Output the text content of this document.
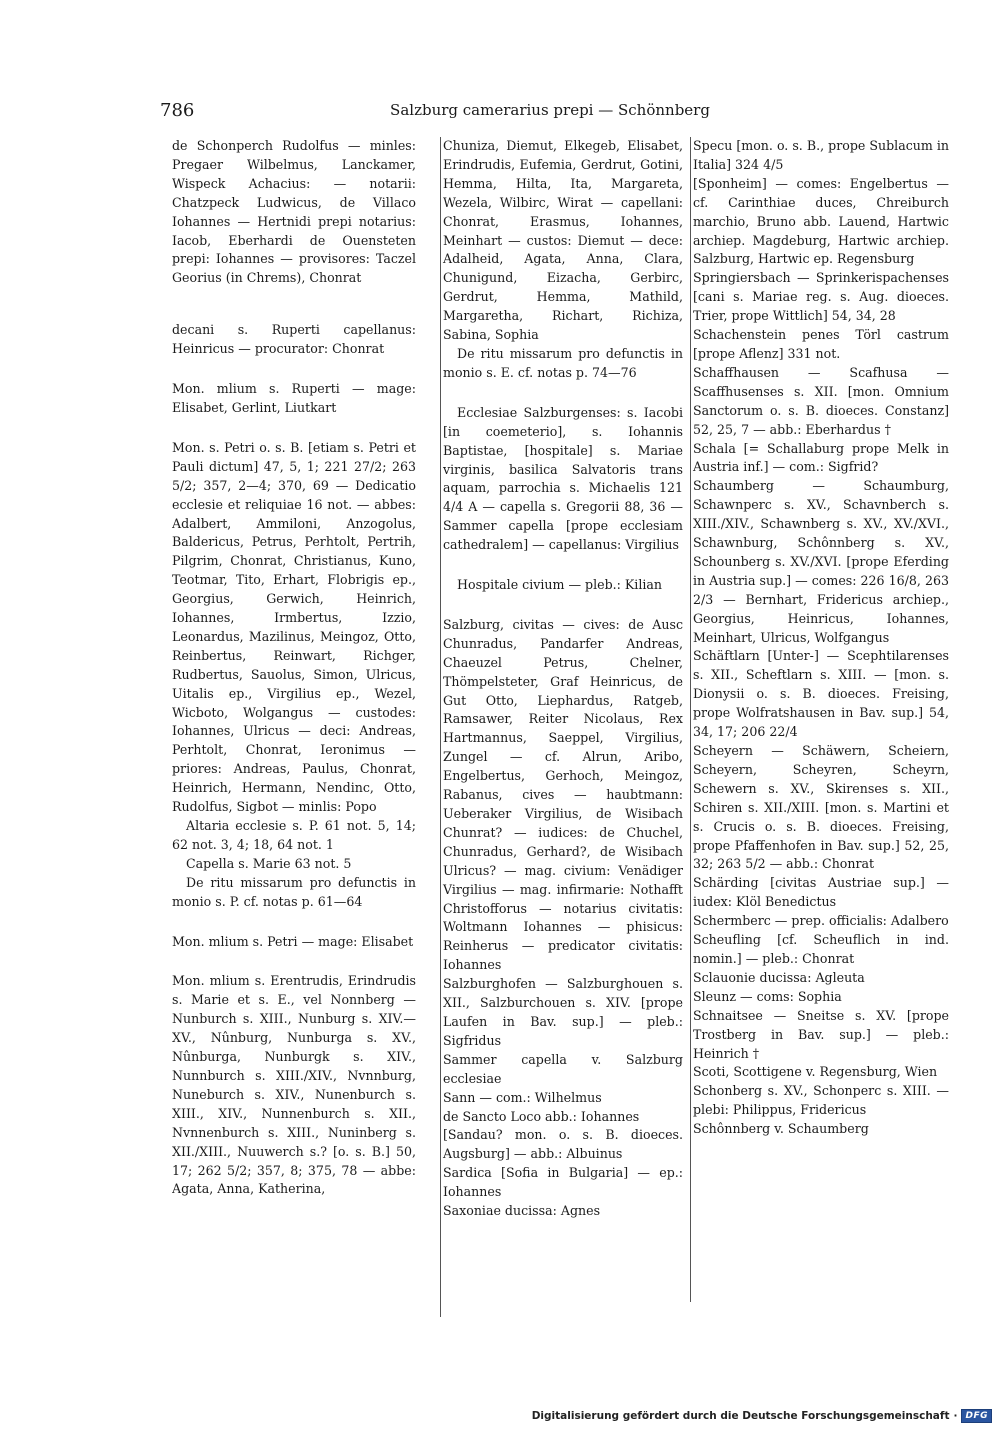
786	Salzburg camerarius prepi — Schönnberg

de Schonperch Rudolfus — minles: Pregaer Wilbelmus, Lanckamer, Wispeck Achacius: — notarii: Chatzpeck Ludwicus, de Villaco Iohannes — Hertnidi prepi notarius: Iacob, Eberhardi de Ouensteten prepi: Iohannes — provisores: Taczel Georius (in Chrems), Chonrat

decani s. Ruperti capellanus: Heinricus — procurator: Chonrat

Mon. mlium s. Ruperti — mage: Elisabet, Gerlint, Liutkart

Mon. s. Petri o. s. B. [etiam s. Petri et Pauli dictum] 47, 5, 1; 221 27/2; 263 5/2; 357, 2—4; 370, 69 — Dedicatio ecclesie et reliquiae 16 not. — abbes: Adalbert, Ammiloni, Anzogolus, Baldericus, Petrus, Perhtolt, Pertrih, Pilgrim, Chonrat, Christianus, Kuno, Teotmar, Tito, Erhart, Flobrigis ep., Georgius, Gerwich, Heinrich, Iohannes, Irmbertus, Izzio, Leonardus, Mazilinus, Meingoz, Otto, Reinbertus, Reinwart, Richger, Rudbertus, Sauolus, Simon, Ulricus, Uitalis ep., Virgilius ep., Wezel, Wicboto, Wolgangus — custodes: Iohannes, Ulricus — deci: Andreas, Perhtolt, Chonrat, Ieronimus — priores: Andreas, Paulus, Chonrat, Heinrich, Hermann, Nendinc, Otto, Rudolfus, Sigbot — minlis: Popo

Altaria ecclesie s. P. 61 not. 5, 14; 62 not. 3, 4; 18, 64 not. 1

Capella s. Marie 63 not. 5

De ritu missarum pro defunctis in monio s. P. cf. notas p. 61—64

Mon. mlium s. Petri — mage: Elisabet

Mon. mlium s. Erentrudis, Erindrudis s. Marie et s. E., vel Nonnberg — Nunburch s. XIII., Nunburg s. XIV.—XV., Nûnburg, Nunburga s. XV., Nûnburga, Nunburgk s. XIV., Nunnburch s. XIII./XIV., Nvnnburg, Nuneburch s. XIV., Nunenburch s. XIII., XIV., Nunnenburch s. XII., Nvnnenburch s. XIII., Nuninberg s. XII./XIII., Nuuwerch s.? [o. s. B.] 50, 17; 262 5/2; 357, 8; 375, 78 — abbe: Agata, Anna, Katherina,

Chuniza, Diemut, Elkegeb, Elisabet, Erindrudis, Eufemia, Gerdrut, Gotini, Hemma, Hilta, Ita, Margareta, Wezela, Wilbirc, Wirat — capellani: Chonrat, Erasmus, Iohannes, Meinhart — custos: Diemut — dece: Adalheid, Agata, Anna, Clara, Chunigund, Eizacha, Gerbirc, Gerdrut, Hemma, Mathild, Margaretha, Richart, Richiza, Sabina, Sophia

De ritu missarum pro defunctis in monio s. E. cf. notas p. 74—76

Ecclesiae Salzburgenses: s. Iacobi [in coemeterio], s. Iohannis Baptistae, [hospitale] s. Mariae virginis, basilica Salvatoris trans aquam, parrochia s. Michaelis 121 4/4 A — capella s. Gregorii 88, 36 — Sammer capella [prope ecclesiam cathedralem] — capellanus: Virgilius

Hospitale civium — pleb.: Kilian

Salzburg, civitas — cives: de Ausc Chunradus, Pandarfer Andreas, Chaeuzel Petrus, Chelner, Thömpelsteter, Graf Heinricus, de Gut Otto, Liephardus, Ratgeb, Ramsawer, Reiter Nicolaus, Rex Hartmannus, Saeppel, Virgilius, Zungel — cf. Alrun, Aribo, Engelbertus, Gerhoch, Meingoz, Rabanus, cives — haubtmann: Ueberaker Virgilius, de Wisibach Chunrat? — iudices: de Chuchel, Chunradus, Gerhard?, de Wisibach Ulricus? — mag. civium: Venädiger Virgilius — mag. infirmarie: Nothafft Christofforus — notarius civitatis: Woltmann Iohannes — phisicus: Reinherus — predicator civitatis: Iohannes

Salzburghofen — Salzburghouen s. XII., Salzburchouen s. XIV. [prope Laufen in Bav. sup.] — pleb.: Sigfridus

Sammer capella v. Salzburg ecclesiae

Sann — com.: Wilhelmus

de Sancto Loco abb.: Iohannes

[Sandau? mon. o. s. B. dioeces. Augsburg] — abb.: Albuinus

Sardica [Sofia in Bulgaria] — ep.: Iohannes

Saxoniae ducissa: Agnes

Specu [mon. o. s. B., prope Sublacum in Italia] 324 4/5

[Sponheim] — comes: Engelbertus — cf. Carinthiae duces, Chreiburch marchio, Bruno abb. Lauend, Hartwic archiep. Magdeburg, Hartwic archiep. Salzburg, Hartwic ep. Regensburg

Springiersbach — Sprinkerispachenses [cani s. Mariae reg. s. Aug. dioeces. Trier, prope Wittlich] 54, 34, 28

Schachenstein penes Törl castrum [prope Aflenz] 331 not.

Schaffhausen — Scafhusa — Scaffhusenses s. XII. [mon. Omnium Sanctorum o. s. B. dioeces. Constanz] 52, 25, 7 — abb.: Eberhardus †

Schala [= Schallaburg prope Melk in Austria inf.] — com.: Sigfrid?

Schaumberg — Schaumburg, Schawnperc s. XV., Schavnberch s. XIII./XIV., Schawnberg s. XV., XV./XVI., Schawnburg, Schônnberg s. XV., Schounberg s. XV./XVI. [prope Eferding in Austria sup.] — comes: 226 16/8, 263 2/3 — Bernhart, Fridericus archiep., Georgius, Heinricus, Iohannes, Meinhart, Ulricus, Wolfgangus

Schäftlarn [Unter-] — Scephtilarenses s. XII., Scheftlarn s. XIII. — [mon. s. Dionysii o. s. B. dioeces. Freising, prope Wolfratshausen in Bav. sup.] 54, 34, 17; 206 22/4

Scheyern — Schäwern, Scheiern, Scheyern, Scheyren, Scheyrn, Schewern s. XV., Skirenses s. XII., Schiren s. XII./XIII. [mon. s. Martini et s. Crucis o. s. B. dioeces. Freising, prope Pfaffenhofen in Bav. sup.] 52, 25, 32; 263 5/2 — abb.: Chonrat

Schärding [civitas Austriae sup.] — iudex: Klöl Benedictus

Schermberc — prep. officialis: Adalbero

Scheufling [cf. Scheuflich in ind. nomin.] — pleb.: Chonrat

Sclauonie ducissa: Agleuta

Sleunz — coms: Sophia

Schnaitsee — Sneitse s. XV. [prope Trostberg in Bav. sup.] — pleb.: Heinrich †

Scoti, Scottigene v. Regensburg, Wien

Schonberg s. XV., Schonperc s. XIII. — plebi: Philippus, Fridericus

Schônnberg v. Schaumberg

Digitalisierung gefördert durch die Deutsche Forschungsgemeinschaft · DFG
